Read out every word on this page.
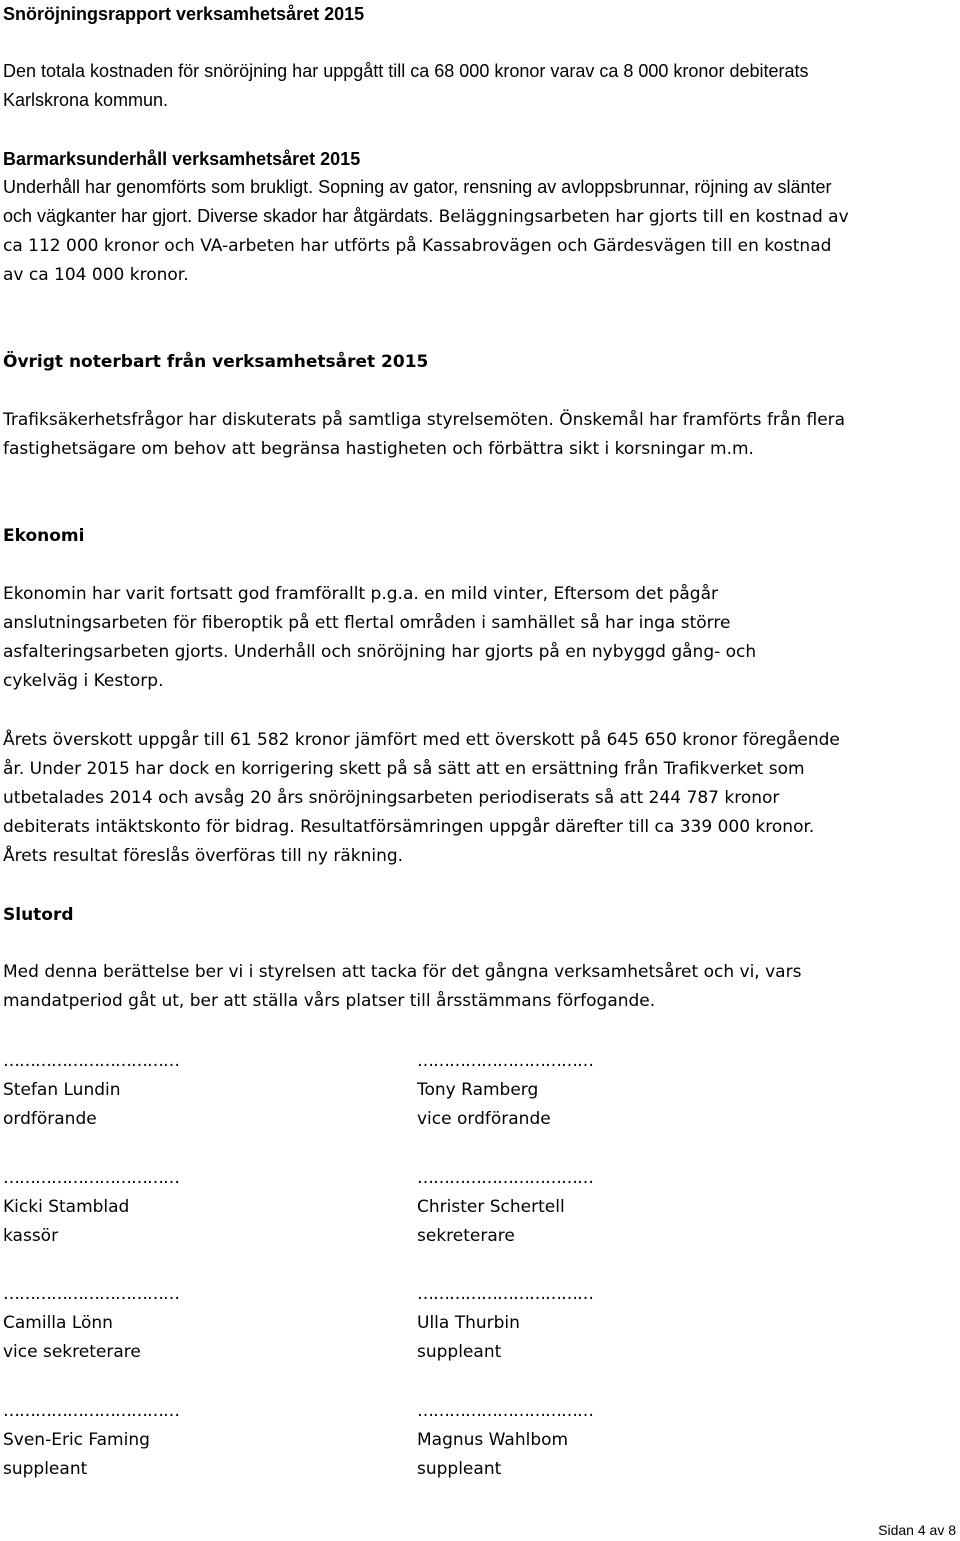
Snöröjningsrapport verksamhetsåret 2015

Den totala kostnaden för snöröjning har uppgått till ca 68 000 kronor varav ca 8 000 kronor debiterats Karlskrona kommun.

Barmarksunderhåll verksamhetsåret 2015

Underhåll har genomförts som brukligt. Sopning av gator, rensning av avloppsbrunnar, röjning av slänter och vägkanter har gjort. Diverse skador har åtgärdats. Beläggningsarbeten har gjorts till en kostnad av ca 112 000 kronor och VA-arbeten har utförts på Kassabrovägen och Gärdesvägen till en kostnad av ca 104 000 kronor.

Övrigt noterbart från verksamhetsåret 2015

Trafiksäkerhetsfrågor har diskuterats på samtliga styrelsemöten. Önskemål har framförts från flera fastighetsägare om behov att begränsa hastigheten och förbättra sikt i korsningar m.m.

Ekonomi

Ekonomin har varit fortsatt god framförallt p.g.a. en mild vinter, Eftersom det pågår anslutningsarbeten för fiberoptik på ett flertal områden i samhället så har inga större asfalteringsarbeten gjorts. Underhåll och snöröjning har gjorts på en nybyggd gång- och cykelväg i Kestorp.

Årets överskott uppgår till 61 582 kronor jämfört med ett överskott på 645 650 kronor föregående år. Under 2015 har dock en korrigering skett på så sätt att en ersättning från Trafikverket som utbetalades 2014 och avsåg 20 års snöröjningsarbeten periodiserats så att 244 787 kronor debiterats intäktskonto för bidrag. Resultatförsämringen uppgår därefter till ca 339 000 kronor. Årets resultat föreslås överföras till ny räkning.

Slutord

Med denna berättelse ber vi i styrelsen att tacka för det gångna verksamhetsåret och vi, vars mandatperiod gåt ut, ber att ställa vårs platser till årsstämmans förfogande.

……………………………
Stefan Lundin
ordförande
……………………………
Tony Ramberg
vice ordförande
……………………………
Kicki Stamblad
kassör
……………………………
Christer Schertell
sekreterare
……………………………
Camilla Lönn
vice sekreterare
……………………………
Ulla Thurbin
suppleant
……………………………
Sven-Eric Faming
suppleant
……………………………
Magnus Wahlbom
suppleant
Sidan 4 av 8
